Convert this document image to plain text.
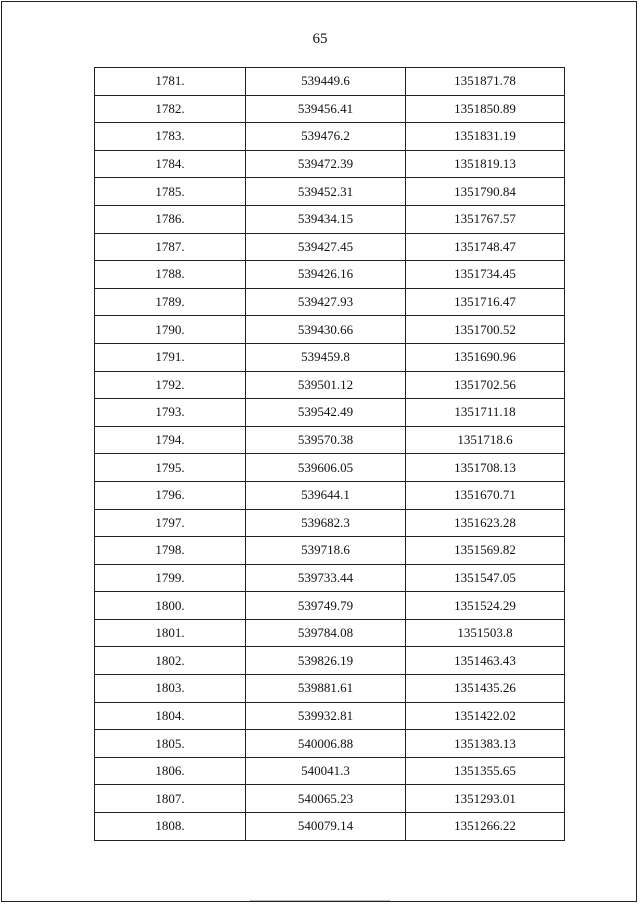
65
1781.	539449.6	1351871.78
1782.	539456.41	1351850.89
1783.	539476.2	1351831.19
1784.	539472.39	1351819.13
1785.	539452.31	1351790.84
1786.	539434.15	1351767.57
1787.	539427.45	1351748.47
1788.	539426.16	1351734.45
1789.	539427.93	1351716.47
1790.	539430.66	1351700.52
1791.	539459.8	1351690.96
1792.	539501.12	1351702.56
1793.	539542.49	1351711.18
1794.	539570.38	1351718.6
1795.	539606.05	1351708.13
1796.	539644.1	1351670.71
1797.	539682.3	1351623.28
1798.	539718.6	1351569.82
1799.	539733.44	1351547.05
1800.	539749.79	1351524.29
1801.	539784.08	1351503.8
1802.	539826.19	1351463.43
1803.	539881.61	1351435.26
1804.	539932.81	1351422.02
1805.	540006.88	1351383.13
1806.	540041.3	1351355.65
1807.	540065.23	1351293.01
1808.	540079.14	1351266.22
